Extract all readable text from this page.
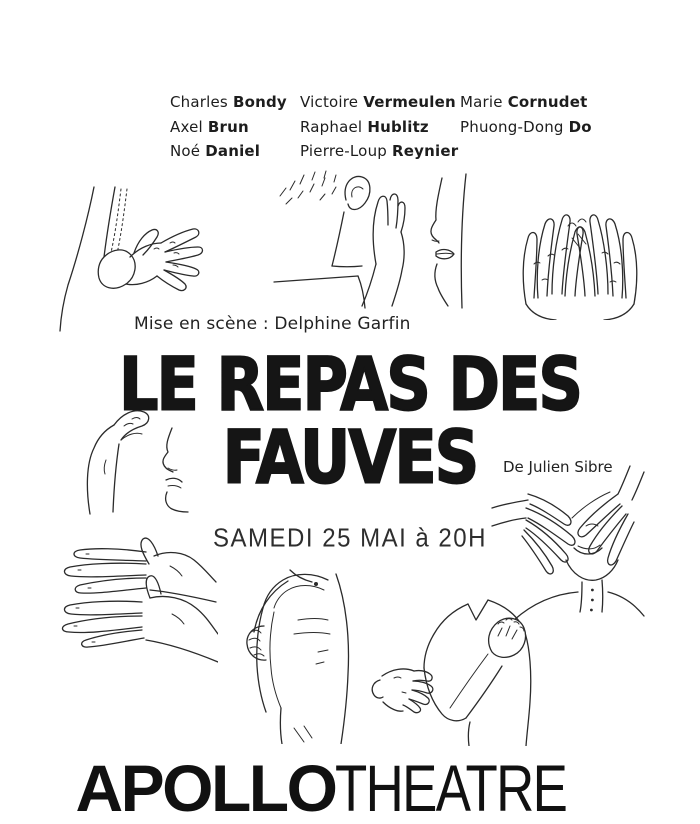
Charles Bondy
Axel Brun
Noé Daniel
Victoire Vermeulen
Raphael Hublitz
Pierre-Loup Reynier
Marie Cornudet
Phuong-Dong Do
Mise en scène : Delphine Garfin
LE REPAS DES
FAUVES	De Julien Sibre
SAMEDI 25 MAI à 20H
APOLLOTHEATRE
